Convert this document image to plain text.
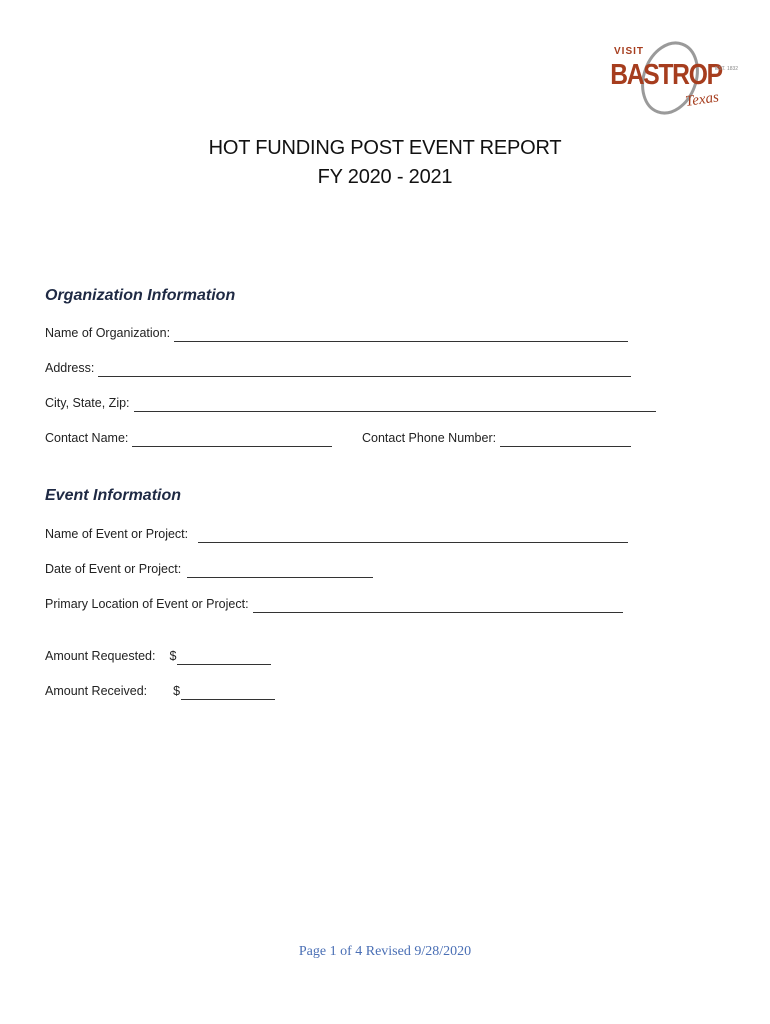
VISIT
BASTROP
EST. 1832
Texas
HOT FUNDING POST EVENT REPORT
FY 2020 - 2021
Organization Information
Name of Organization:
Address:
City, State, Zip:
Contact Name:	Contact Phone Number:
Event Information
Name of Event or Project:
Date of Event or Project:
Primary Location of Event or Project:
Amount Requested: $
Amount Received: $
Page 1 of 4 Revised 9/28/2020
